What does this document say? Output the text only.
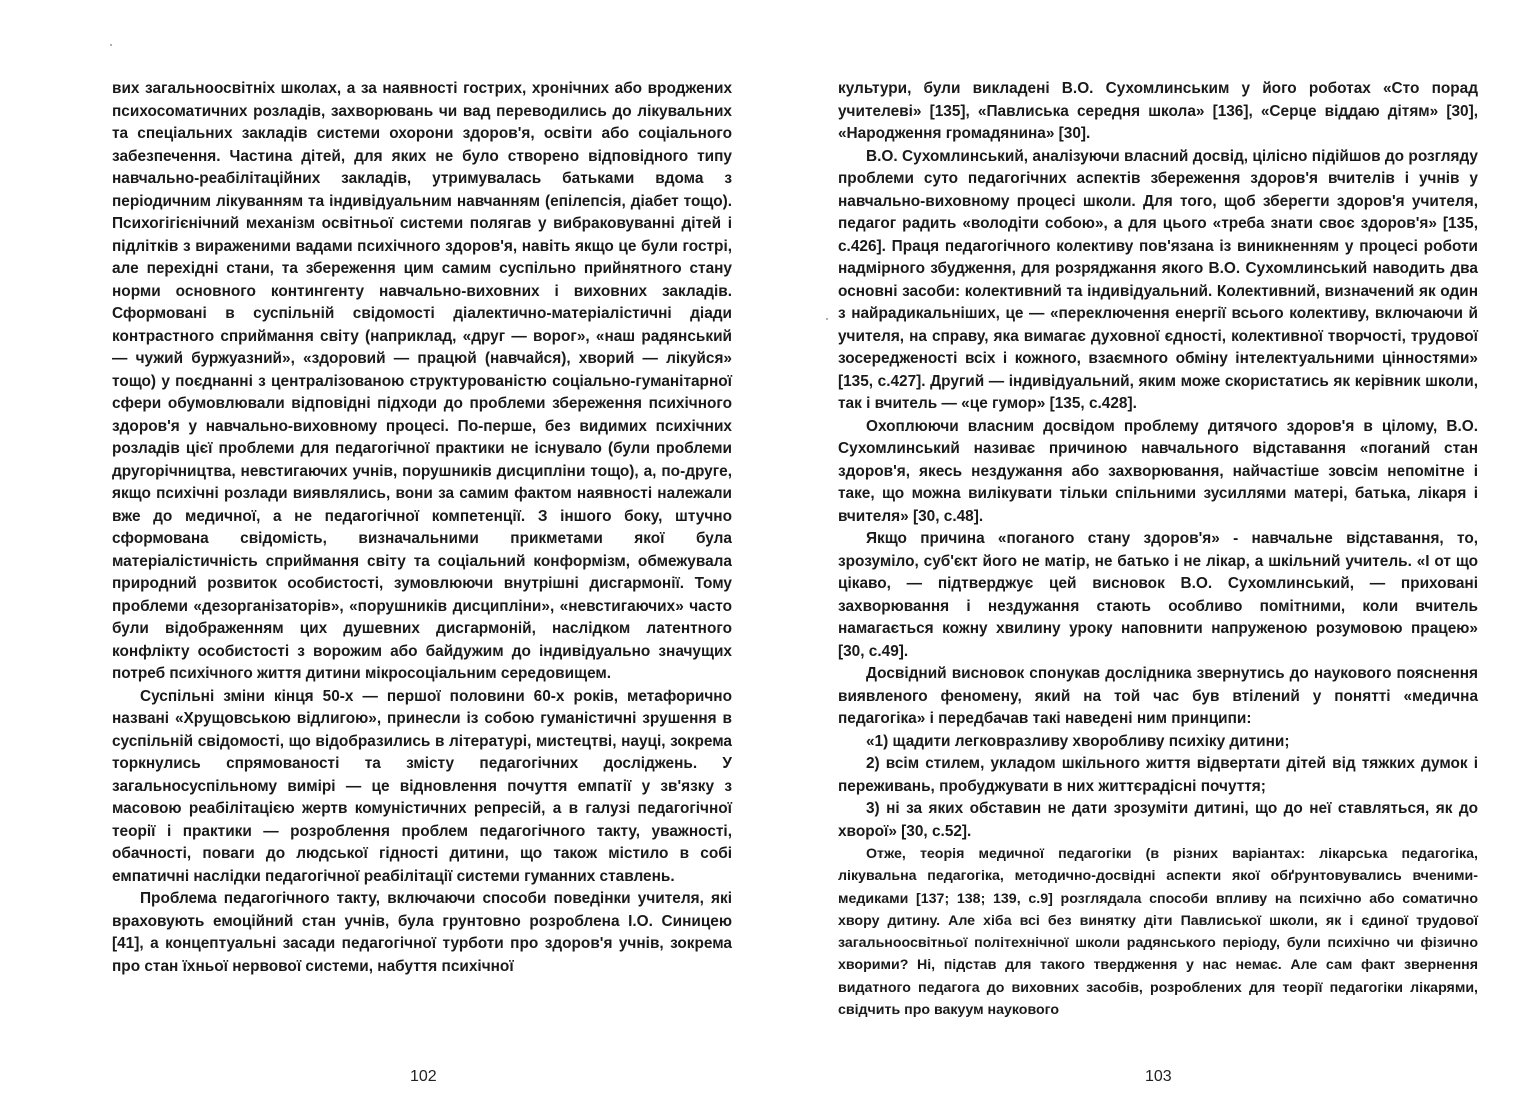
вих загальноосвітніх школах, а за наявності гострих, хронічних або вроджених психосоматичних розладів, захворювань чи вад переводились до лікувальних та спеціальних закладів системи охорони здоров'я, освіти або соціального забезпечення. Частина дітей, для яких не було створено відповідного типу навчально-реабілітаційних закладів, утримувалась батьками вдома з періодичним лікуванням та індивідуальним навчанням (епілепсія, діабет тощо). Психогігієнічний механізм освітньої системи полягав у вибраковуванні дітей і підлітків з вираженими вадами психічного здоров'я, навіть якщо це були гострі, але перехідні стани, та збереження цим самим суспільно прийнятного стану норми основного контингенту навчально-виховних і виховних закладів. Сформовані в суспільній свідомості діалектично-матеріалістичні діади контрастного сприймання світу (наприклад, «друг — ворог», «наш радянський — чужий буржуазний», «здоровий — працюй (навчайся), хворий — лікуйся» тощо) у поєднанні з централізованою структурованістю соціально-гуманітарної сфери обумовлювали відповідні підходи до проблеми збереження психічного здоров'я у навчально-виховному процесі. По-перше, без видимих психічних розладів цієї проблеми для педагогічної практики не існувало (були проблеми другорічництва, невстигаючих учнів, порушників дисципліни тощо), а, по-друге, якщо психічні розлади виявлялись, вони за самим фактом наявності належали вже до медичної, а не педагогічної компетенції. З іншого боку, штучно сформована свідомість, визначальними прикметами якої була матеріалістичність сприймання світу та соціальний конформізм, обмежувала природний розвиток особистості, зумовлюючи внутрішні дисгармонії. Тому проблеми «дезорганізаторів», «порушників дисципліни», «невстигаючих» часто були відображенням цих душевних дисгармоній, наслідком латентного конфлікту особистості з ворожим або байдужим до індивідуально значущих потреб психічного життя дитини мікросоціальним середовищем.

Суспільні зміни кінця 50-х — першої половини 60-х років, метафорично названі «Хрущовською відлигою», принесли із собою гуманістичні зрушення в суспільній свідомості, що відобразились в літературі, мистецтві, науці, зокрема торкнулись спрямованості та змісту педагогічних досліджень. У загальносуспільному вимірі — це відновлення почуття емпатії у зв'язку з масовою реабілітацією жертв комуністичних репресій, а в галузі педагогічної теорії і практики — розроблення проблем педагогічного такту, уважності, обачності, поваги до людської гідності дитини, що також містило в собі емпатичні наслідки педагогічної реабілітації системи гуманних ставлень.

Проблема педагогічного такту, включаючи способи поведінки учителя, які враховують емоційний стан учнів, була грунтовно розроблена І.О. Синицею [41], а концептуальні засади педагогічної турботи про здоров'я учнів, зокрема про стан їхньої нервової системи, набуття психічної

102

культури, були викладені В.О. Сухомлинським у його роботах «Сто порад учителеві» [135], «Павлиська середня школа» [136], «Серце віддаю дітям» [30], «Народження громадянина» [30].

В.О. Сухомлинський, аналізуючи власний досвід, цілісно підійшов до розгляду проблеми суто педагогічних аспектів збереження здоров'я вчителів і учнів у навчально-виховному процесі школи. Для того, щоб зберегти здоров'я учителя, педагог радить «володіти собою», а для цього «треба знати своє здоров'я» [135, с.426]. Праця педагогічного колективу пов'язана із виникненням у процесі роботи надмірного збудження, для розряджання якого В.О. Сухомлинський наводить два основні засоби: колективний та індивідуальний. Колективний, визначений як один з найрадикальніших, це — «переключення енергії всього колективу, включаючи й учителя, на справу, яка вимагає духовної єдності, колективної творчості, трудової зосередженості всіх і кожного, взаємного обміну інтелектуальними цінностями» [135, с.427]. Другий — індивідуальний, яким може скористатись як керівник школи, так і вчитель — «це гумор» [135, с.428].

Охоплюючи власним досвідом проблему дитячого здоров'я в цілому, В.О. Сухомлинський називає причиною навчального відставання «поганий стан здоров'я, якесь нездужання або захворювання, найчастіше зовсім непомітне і таке, що можна вилікувати тільки спільними зусиллями матері, батька, лікаря і вчителя» [30, с.48].

Якщо причина «поганого стану здоров'я» - навчальне відставання, то, зрозуміло, суб'єкт його не матір, не батько і не лікар, а шкільний учитель. «І от що цікаво, — підтверджує цей висновок В.О. Сухомлинський, — приховані захворювання і нездужання стають особливо помітними, коли вчитель намагається кожну хвилину уроку наповнити напруженою розумовою працею» [30, с.49].

Досвідний висновок спонукав дослідника звернутись до наукового пояснення виявленого феномену, який на той час був втілений у понятті «медична педагогіка» і передбачав такі наведені ним принципи:

«1) щадити легковразливу хворобливу психіку дитини;

2) всім стилем, укладом шкільного життя відвертати дітей від тяжких думок і переживань, пробуджувати в них життєрадісні почуття;

3) ні за яких обставин не дати зрозуміти дитині, що до неї ставляться, як до хворої» [30, с.52].

Отже, теорія медичної педагогіки (в різних варіантах: лікарська педагогіка, лікувальна педагогіка, методично-досвідні аспекти якої обґрунтовувались вченими-медиками [137; 138; 139, с.9] розглядала способи впливу на психічно або соматично хвору дитину. Але хіба всі без винятку діти Павлиської школи, як і єдиної трудової загальноосвітньої політехнічної школи радянського періоду, були психічно чи фізично хворими? Ні, підстав для такого твердження у нас немає. Але сам факт звернення видатного педагога до виховних засобів, розроблених для теорії педагогіки лікарями, свідчить про вакуум наукового

103
